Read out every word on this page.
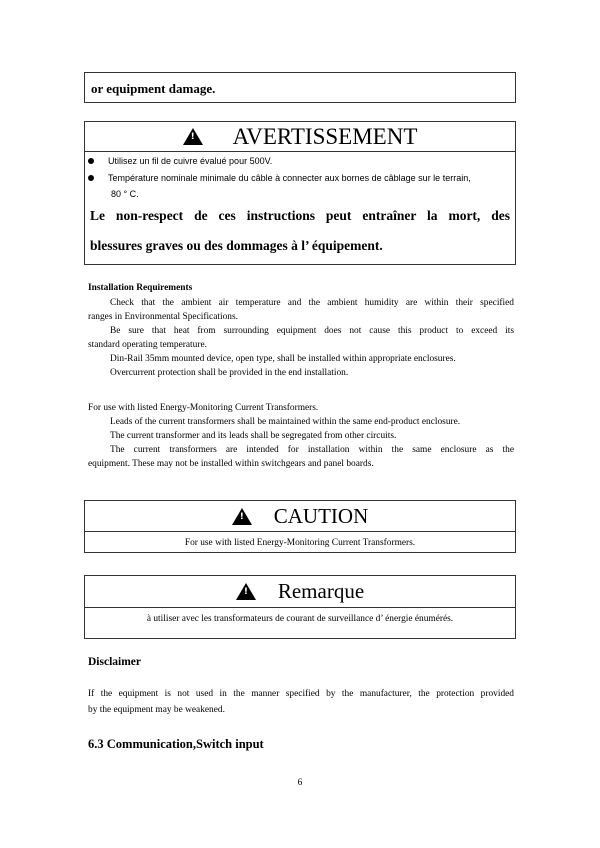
or equipment damage.
! AVERTISSEMENT
Utilisez un fil de cuivre évalué pour 500V.
Température nominale minimale du câble à connecter aux bornes de câblage sur le terrain,
80 ° C.
Le non-respect de ces instructions peut entraîner la mort, des
blessures graves ou des dommages à l’ équipement.
Installation Requirements
Check that the ambient air temperature and the ambient humidity are within their specified
ranges in Environmental Specifications.
Be sure that heat from surrounding equipment does not cause this product to exceed its
standard operating temperature.
Din-Rail 35mm mounted device, open type, shall be installed within appropriate enclosures.
Overcurrent protection shall be provided in the end installation.
For use with listed Energy-Monitoring Current Transformers.
Leads of the current transformers shall be maintained within the same end-product enclosure.
The current transformer and its leads shall be segregated from other circuits.
The current transformers are intended for installation within the same enclosure as the
equipment. These may not be installed within switchgears and panel boards.
! CAUTION
For use with listed Energy-Monitoring Current Transformers.
! Remarque
à utiliser avec les transformateurs de courant de surveillance d’ énergie énumérés.
Disclaimer
If the equipment is not used in the manner specified by the manufacturer, the protection provided
by the equipment may be weakened.
6.3 Communication,Switch input
6
